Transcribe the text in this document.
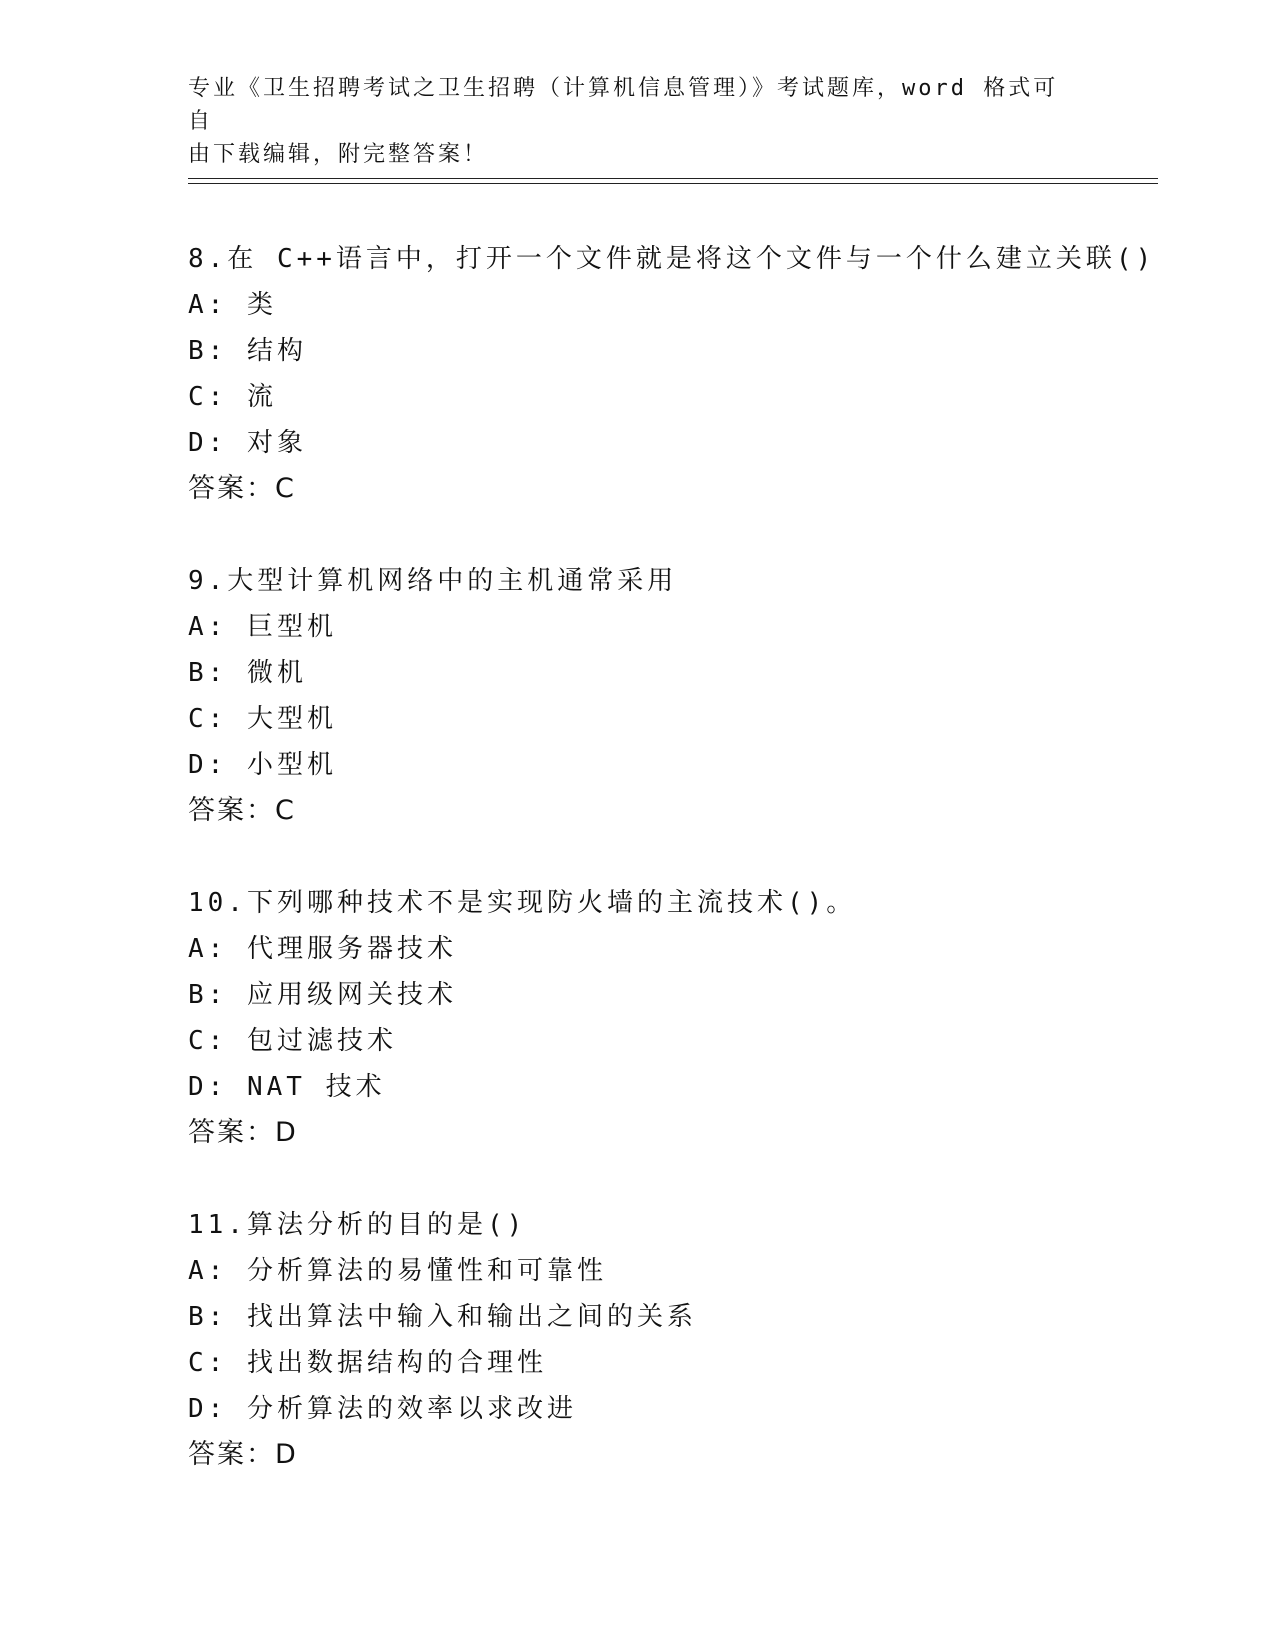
专业《卫生招聘考试之卫生招聘（计算机信息管理）》考试题库，word 格式可自
由下载编辑，附完整答案！
8.在 C++语言中，打开一个文件就是将这个文件与一个什么建立关联()
A: 类
B: 结构
C: 流
D: 对象
答案：C
9.大型计算机网络中的主机通常采用
A: 巨型机
B: 微机
C: 大型机
D: 小型机
答案：C
10.下列哪种技术不是实现防火墙的主流技术()。
A: 代理服务器技术
B: 应用级网关技术
C: 包过滤技术
D: NAT 技术
答案：D
11.算法分析的目的是()
A: 分析算法的易懂性和可靠性
B: 找出算法中输入和输出之间的关系
C: 找出数据结构的合理性
D: 分析算法的效率以求改进
答案：D
